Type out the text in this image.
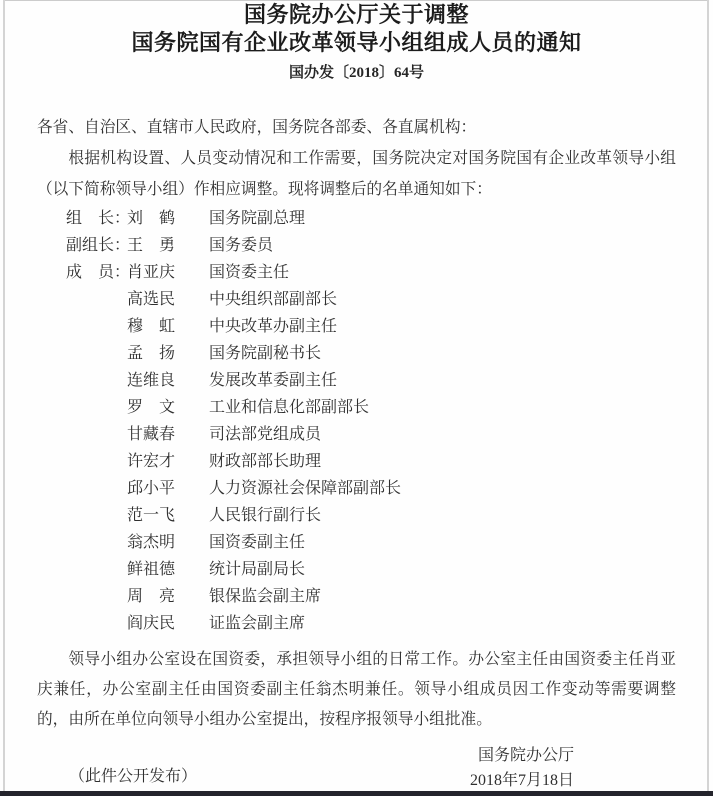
国务院办公厅关于调整
国务院国有企业改革领导小组组成人员的通知
国办发〔2018〕64号

各省、自治区、直辖市人民政府，国务院各部委、各直属机构：

根据机构设置、人员变动情况和工作需要，国务院决定对国务院国有企业改革领导小组（以下简称领导小组）作相应调整。现将调整后的名单通知如下：

组　长：
刘　鹤	国务院副总理
副组长：
王　勇	国务委员
成　员：
肖亚庆	国资委主任
高选民	中央组织部副部长
穆　虹	中央改革办副主任
孟　扬	国务院副秘书长
连维良	发展改革委副主任
罗　文	工业和信息化部副部长
甘藏春	司法部党组成员
许宏才	财政部部长助理
邱小平	人力资源社会保障部副部长
范一飞	人民银行副行长
翁杰明	国资委副主任
鲜祖德	统计局副局长
周　亮	银保监会副主席
阎庆民	证监会副主席

领导小组办公室设在国资委，承担领导小组的日常工作。办公室主任由国资委主任肖亚庆兼任，办公室副主任由国资委副主任翁杰明兼任。领导小组成员因工作变动等需要调整的，由所在单位向领导小组办公室提出，按程序报领导小组批准。

国务院办公厅
2018年7月18日

（此件公开发布）
